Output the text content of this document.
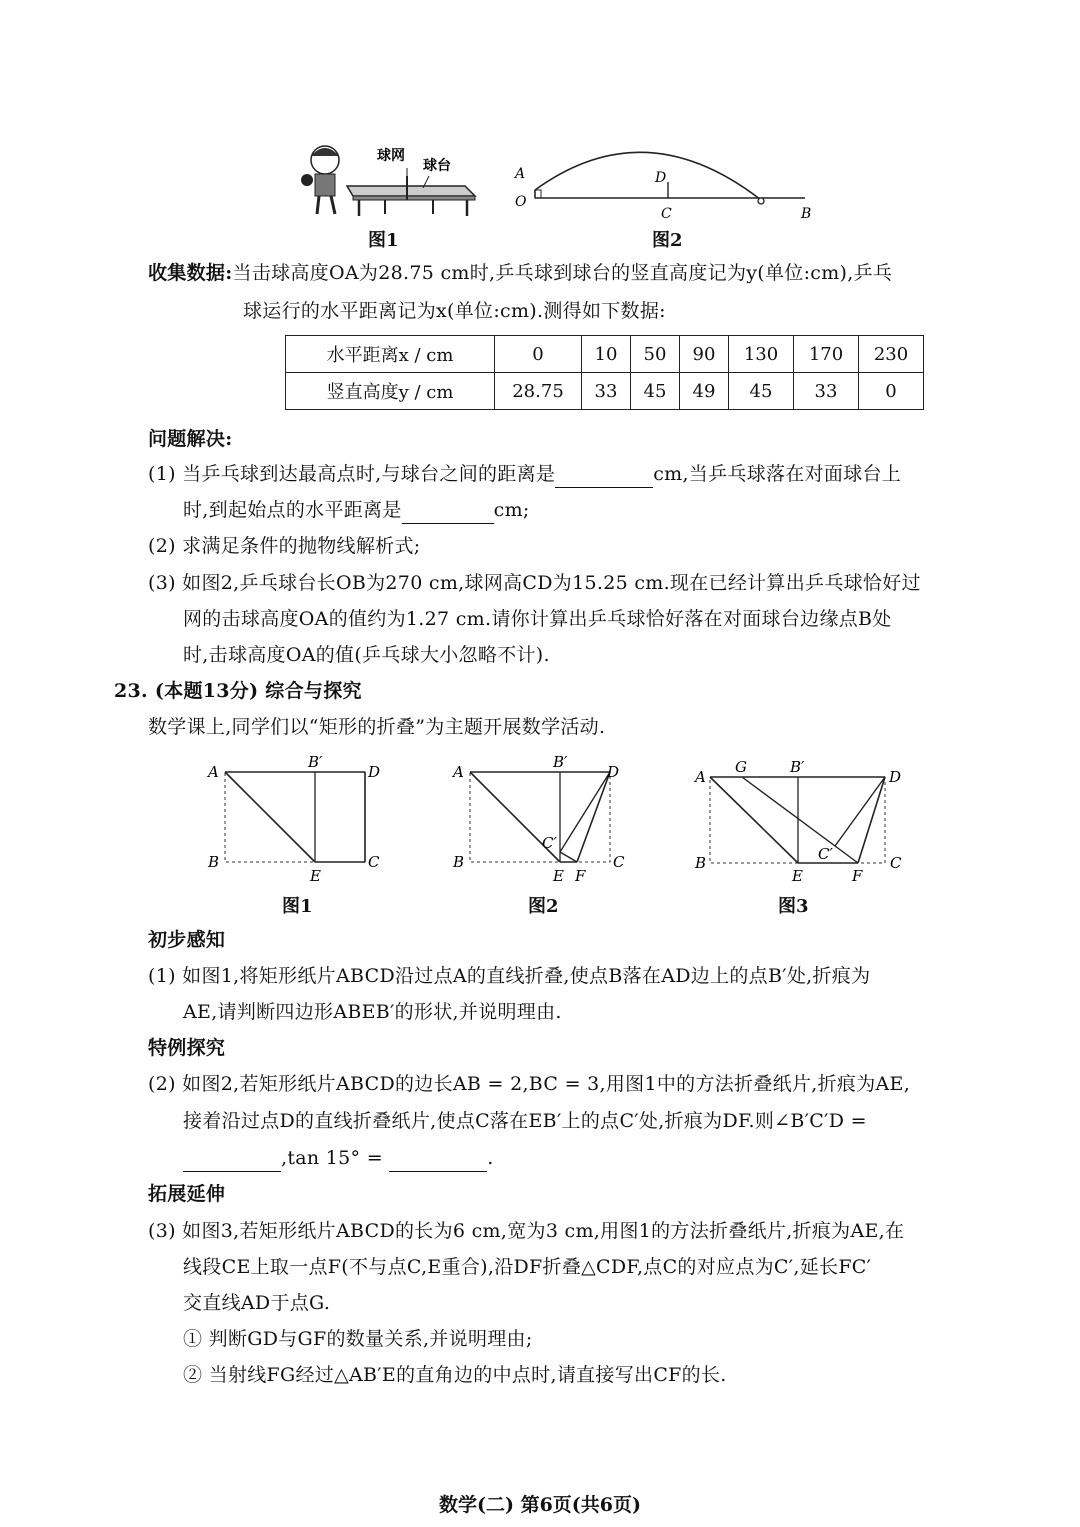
球网
球台
图1
A
O
D
C	B
图2
收集数据:当击球高度OA为28.75 cm时,乒乓球到球台的竖直高度记为y(单位:cm),乒乓
球运行的水平距离记为x(单位:cm).测得如下数据:
水平距离x / cm	0	10	50	90	130	170	230
竖直高度y / cm	28.75	33	45	49	45	33	0
问题解决:
(1) 当乒乓球到达最高点时,与球台之间的距离是	cm,当乒乓球落在对面球台上
时,到起始点的水平距离是	cm;
(2) 求满足条件的抛物线解析式;
(3) 如图2,乒乓球台长OB为270 cm,球网高CD为15.25 cm.现在已经计算出乒乓球恰好过
网的击球高度OA的值约为1.27 cm.请你计算出乒乓球恰好落在对面球台边缘点B处
时,击球高度OA的值(乒乓球大小忽略不计).
23. (本题13分) 综合与探究
数学课上,同学们以“矩形的折叠”为主题开展数学活动.
A
B′
D
B	C
E
图1
A
B′
D
C′
B	C
E F
图2
A
G	B′
D
C′
B	C
E	F
图3
初步感知
(1) 如图1,将矩形纸片ABCD沿过点A的直线折叠,使点B落在AD边上的点B′处,折痕为
AE,请判断四边形ABEB′的形状,并说明理由.
特例探究
(2) 如图2,若矩形纸片ABCD的边长AB = 2,BC = 3,用图1中的方法折叠纸片,折痕为AE,
接着沿过点D的直线折叠纸片,使点C落在EB′上的点C′处,折痕为DF.则∠B′C′D =
,tan 15° =	.
拓展延伸
(3) 如图3,若矩形纸片ABCD的长为6 cm,宽为3 cm,用图1的方法折叠纸片,折痕为AE,在
线段CE上取一点F(不与点C,E重合),沿DF折叠△CDF,点C的对应点为C′,延长FC′
交直线AD于点G.
① 判断GD与GF的数量关系,并说明理由;
② 当射线FG经过△AB′E的直角边的中点时,请直接写出CF的长.
数学(二) 第6页(共6页)
